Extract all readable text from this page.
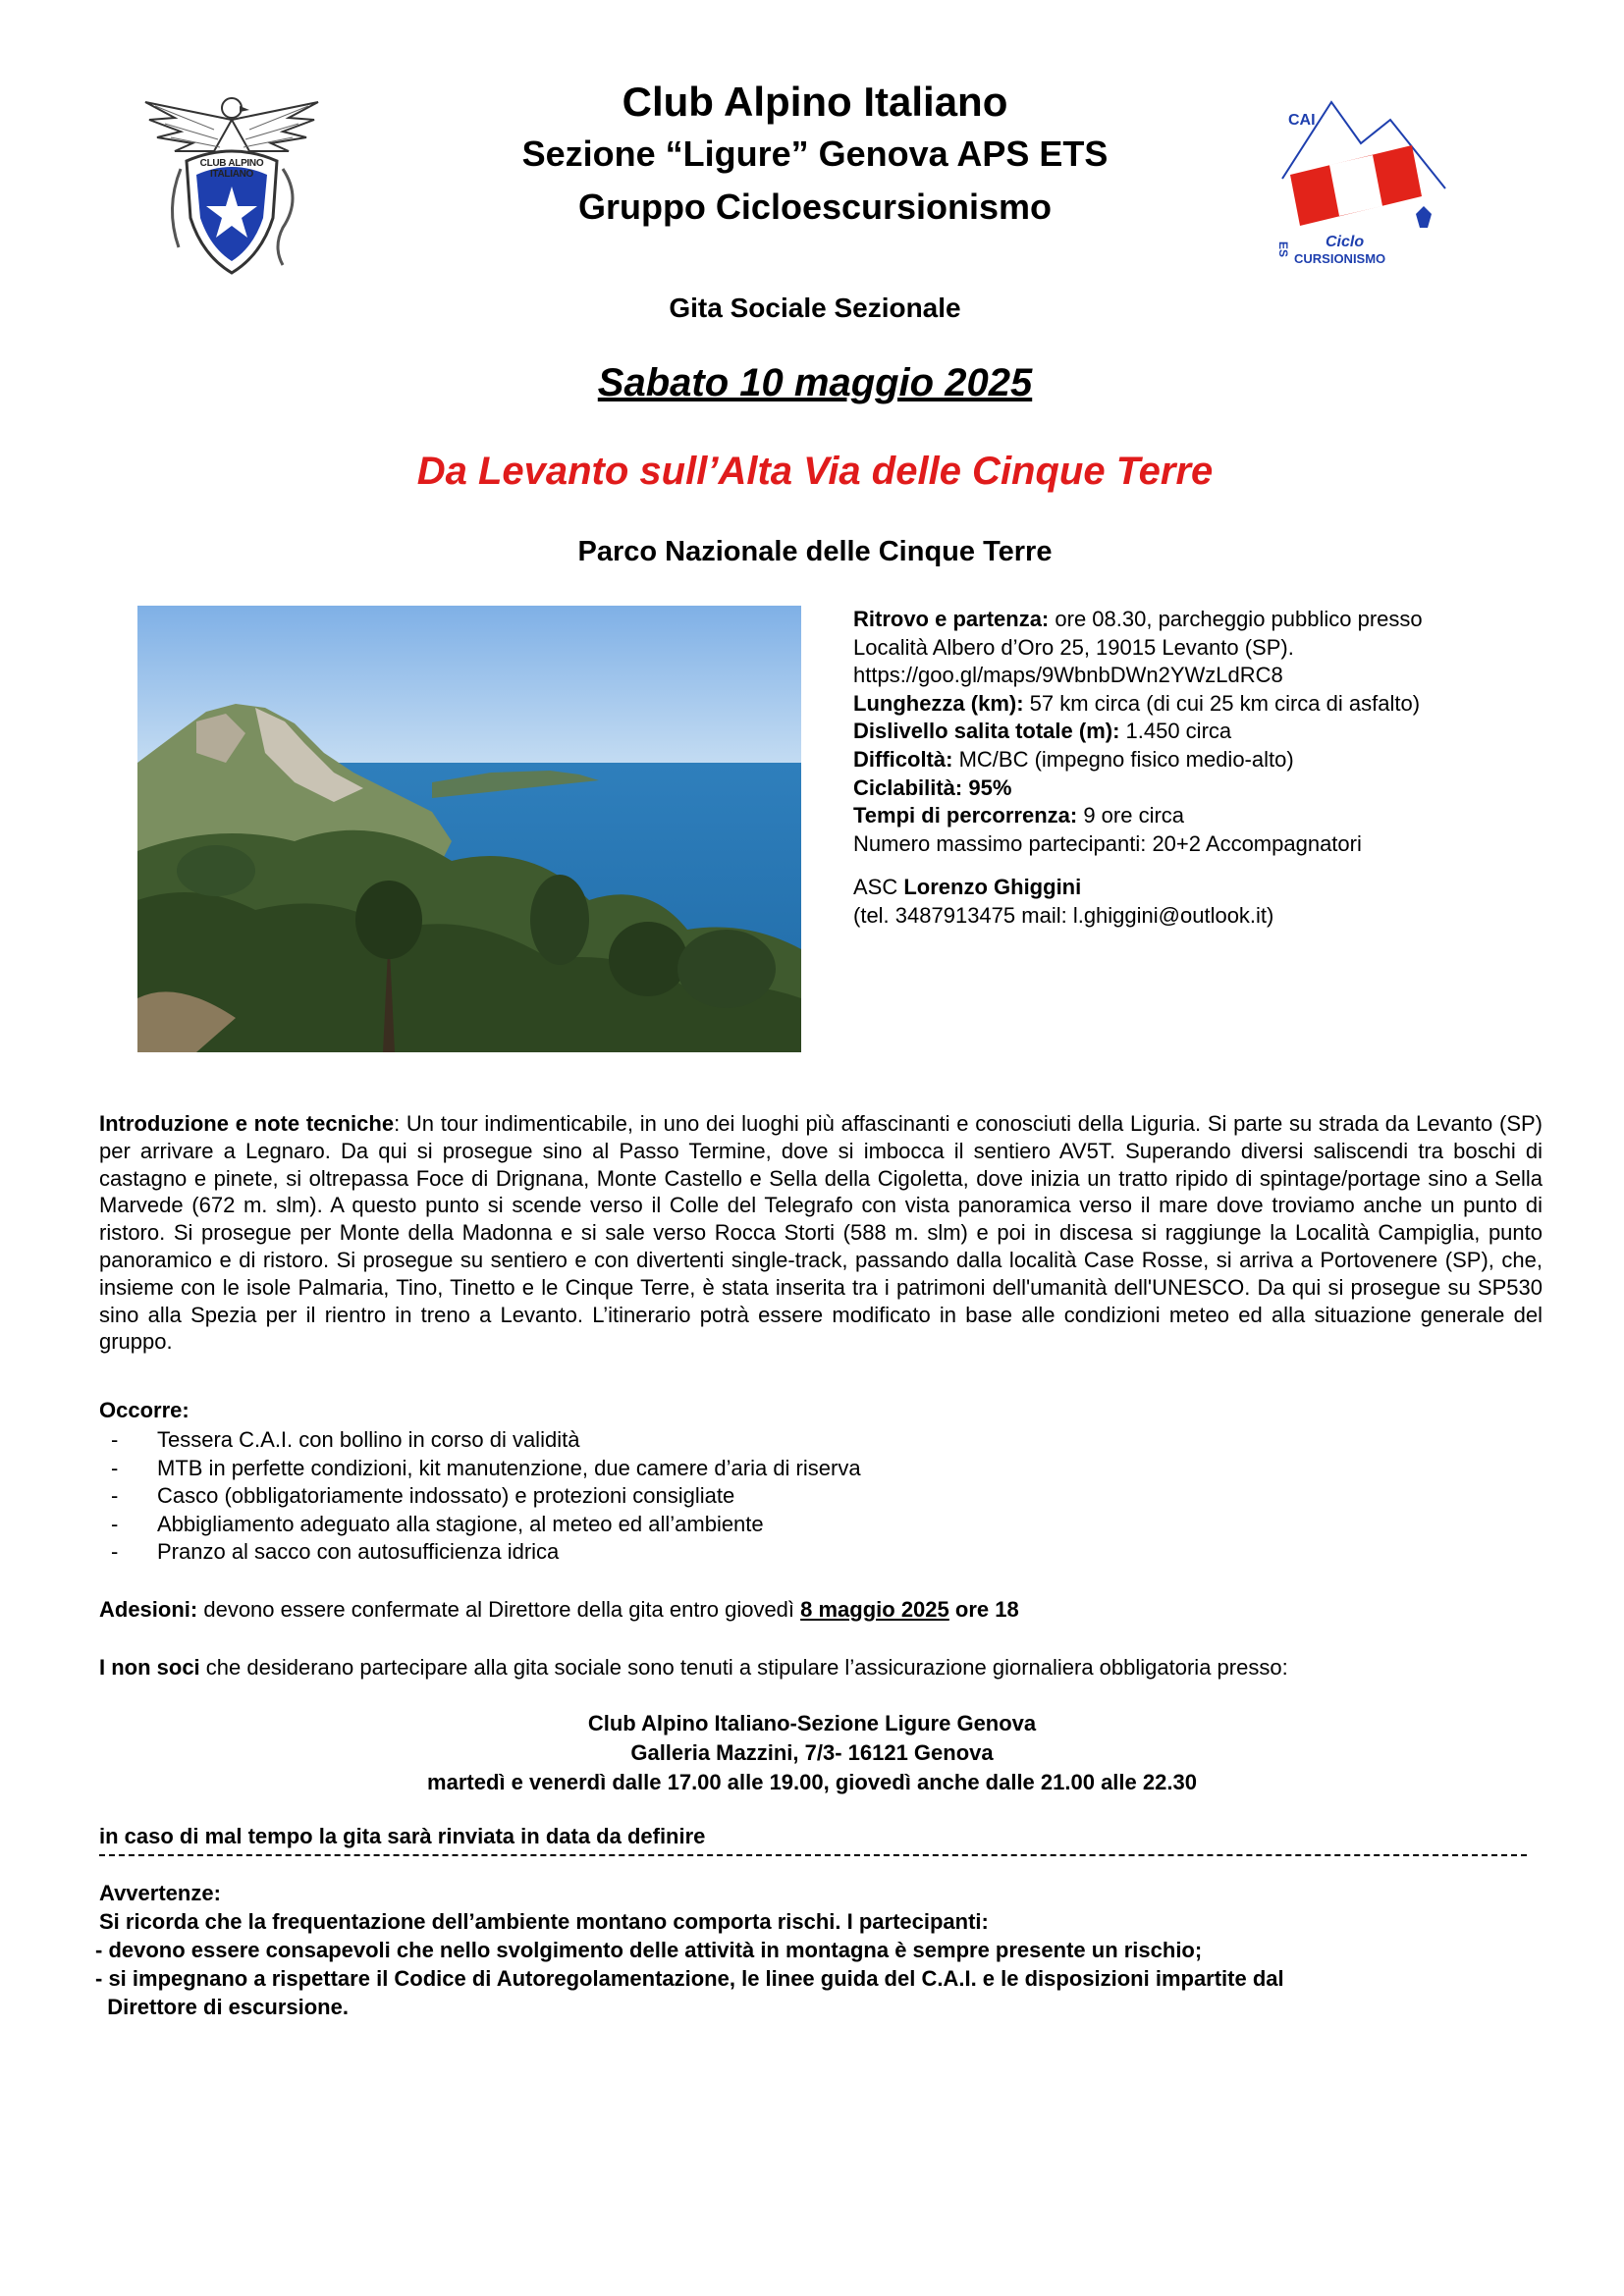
CLUB ALPINO ITALIANO
Club Alpino Italiano
Sezione “Ligure” Genova APS ETS
Gruppo Cicloescursionismo
CAI
ES Ciclo
CURSIONISMO
Gita Sociale Sezionale
Sabato 10 maggio 2025
Da Levanto sull’Alta Via delle Cinque Terre
Parco Nazionale delle Cinque Terre
Ritrovo e partenza: ore 08.30, parcheggio pubblico presso
Località Albero d’Oro 25, 19015 Levanto (SP).
https://goo.gl/maps/9WbnbDWn2YWzLdRC8
Lunghezza (km): 57 km circa (di cui 25 km circa di asfalto)
Dislivello salita totale (m): 1.450 circa
Difficoltà: MC/BC (impegno fisico medio-alto)
Ciclabilità: 95%
Tempi di percorrenza: 9 ore circa
Numero massimo partecipanti: 20+2 Accompagnatori
ASC Lorenzo Ghiggini
(tel. 3487913475 mail: l.ghiggini@outlook.it)
Introduzione e note tecniche: Un tour indimenticabile, in uno dei luoghi più affascinanti e conosciuti della Liguria. Si parte su strada da Levanto (SP) per arrivare a Legnaro. Da qui si prosegue sino al Passo Termine, dove si imbocca il sentiero AV5T. Superando diversi saliscendi tra boschi di castagno e pinete, si oltrepassa Foce di Drignana, Monte Castello e Sella della Cigoletta, dove inizia un tratto ripido di spintage/portage sino a Sella Marvede (672 m. slm). A questo punto si scende verso il Colle del Telegrafo con vista panoramica verso il mare dove troviamo anche un punto di ristoro. Si prosegue per Monte della Madonna e si sale verso Rocca Storti (588 m. slm) e poi in discesa si raggiunge la Località Campiglia, punto panoramico e di ristoro. Si prosegue su sentiero e con divertenti single-track, passando dalla località Case Rosse, si arriva a Portovenere (SP), che, insieme con le isole Palmaria, Tino, Tinetto e le Cinque Terre, è stata inserita tra i patrimoni dell'umanità dell'UNESCO. Da qui si prosegue su SP530 sino alla Spezia per il rientro in treno a Levanto. L’itinerario potrà essere modificato in base alle condizioni meteo ed alla situazione generale del gruppo.
Occorre:
- Tessera C.A.I. con bollino in corso di validità
- MTB in perfette condizioni, kit manutenzione, due camere d’aria di riserva
- Casco (obbligatoriamente indossato) e protezioni consigliate
- Abbigliamento adeguato alla stagione, al meteo ed all’ambiente
- Pranzo al sacco con autosufficienza idrica
Adesioni: devono essere confermate al Direttore della gita entro giovedì 8 maggio 2025 ore 18
I non soci che desiderano partecipare alla gita sociale sono tenuti a stipulare l’assicurazione giornaliera obbligatoria presso:
Club Alpino Italiano-Sezione Ligure Genova
Galleria Mazzini, 7/3- 16121 Genova
martedì e venerdì dalle 17.00 alle 19.00, giovedì anche dalle 21.00 alle 22.30
in caso di mal tempo la gita sarà rinviata in data da definire
Avvertenze:
Si ricorda che la frequentazione dell’ambiente montano comporta rischi. I partecipanti:
- devono essere consapevoli che nello svolgimento delle attività in montagna è sempre presente un rischio;
- si impegnano a rispettare il Codice di Autoregolamentazione, le linee guida del C.A.I. e le disposizioni impartite dal
Direttore di escursione.
